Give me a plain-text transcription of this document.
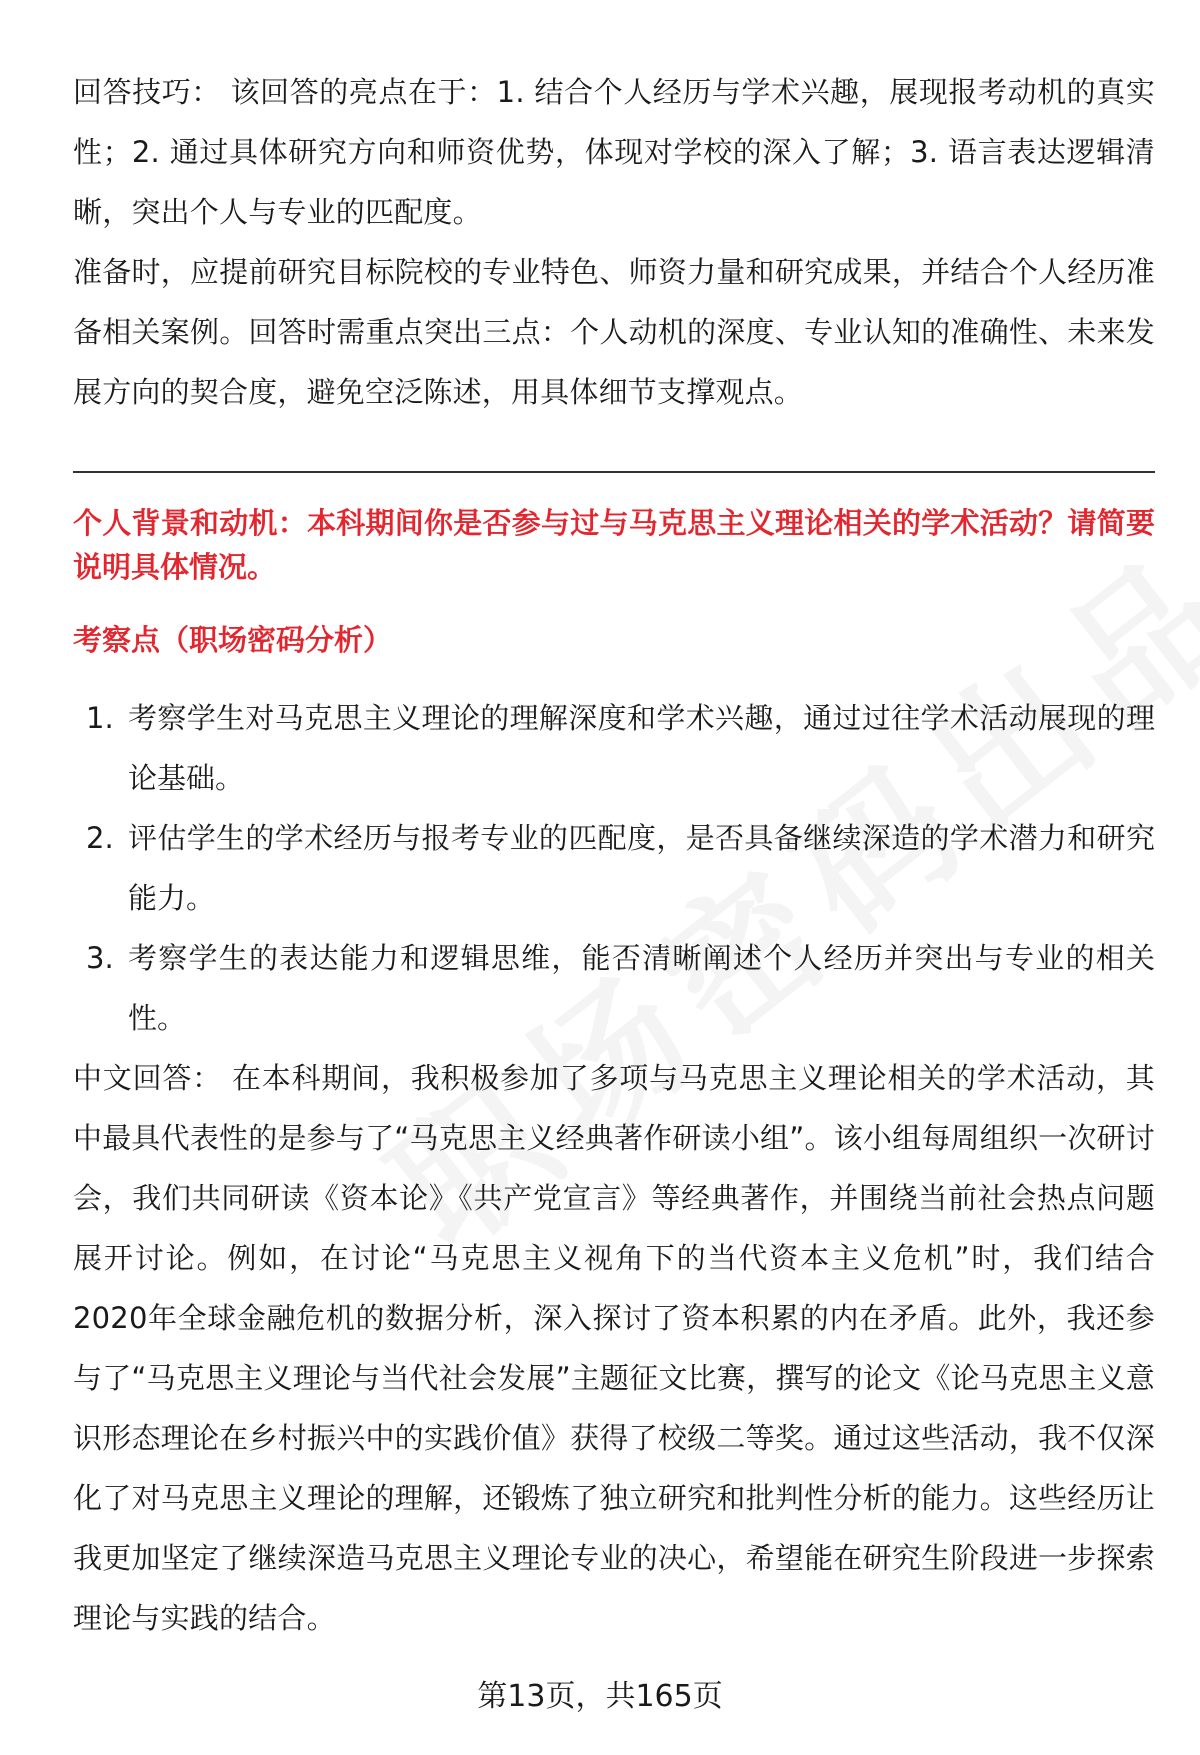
回答技巧： 该回答的亮点在于：1. 结合个人经历与学术兴趣，展现报考动机的真实性；2. 通过具体研究方向和师资优势，体现对学校的深入了解；3. 语言表达逻辑清晰，突出个人与专业的匹配度。

准备时，应提前研究目标院校的专业特色、师资力量和研究成果，并结合个人经历准备相关案例。回答时需重点突出三点：个人动机的深度、专业认知的准确性、未来发展方向的契合度，避免空泛陈述，用具体细节支撑观点。

个人背景和动机：本科期间你是否参与过与马克思主义理论相关的学术活动？请简要说明具体情况。
考察点（职场密码分析）
1. 考察学生对马克思主义理论的理解深度和学术兴趣，通过过往学术活动展现的理论基础。
2. 评估学生的学术经历与报考专业的匹配度，是否具备继续深造的学术潜力和研究能力。
3. 考察学生的表达能力和逻辑思维，能否清晰阐述个人经历并突出与专业的相关性。

中文回答： 在本科期间，我积极参加了多项与马克思主义理论相关的学术活动，其中最具代表性的是参与了“马克思主义经典著作研读小组”。该小组每周组织一次研讨会，我们共同研读《资本论》《共产党宣言》等经典著作，并围绕当前社会热点问题展开讨论。例如，在讨论“马克思主义视角下的当代资本主义危机”时，我们结合2020年全球金融危机的数据分析，深入探讨了资本积累的内在矛盾。此外，我还参与了“马克思主义理论与当代社会发展”主题征文比赛，撰写的论文《论马克思主义意识形态理论在乡村振兴中的实践价值》获得了校级二等奖。通过这些活动，我不仅深化了对马克思主义理论的理解，还锻炼了独立研究和批判性分析的能力。这些经历让我更加坚定了继续深造马克思主义理论专业的决心，希望能在研究生阶段进一步探索理论与实践的结合。

第13页，共165页
